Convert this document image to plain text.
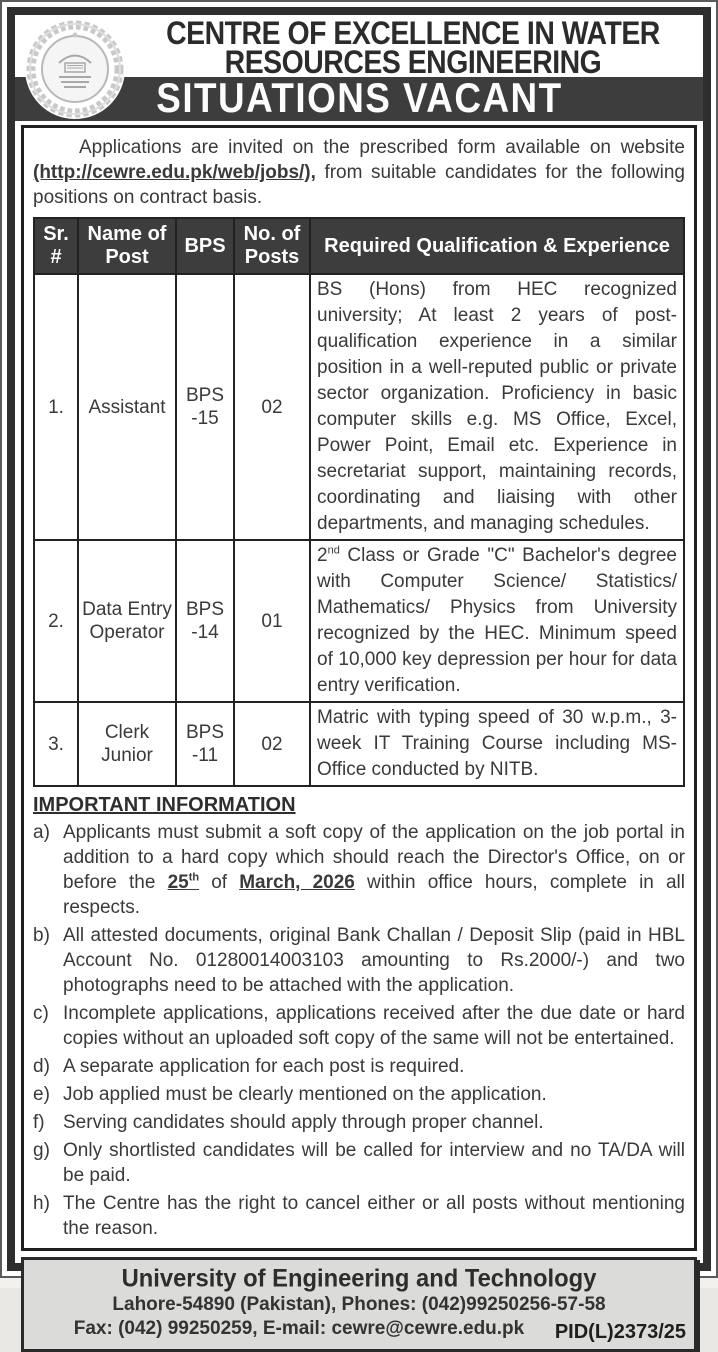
CENTRE OF EXCELLENCE IN WATER
RESOURCES ENGINEERING
SITUATIONS VACANT

Applications are invited on the prescribed form available on website (http://cewre.edu.pk/web/jobs/), from suitable candidates for the following positions on contract basis.

Sr. #	Name of Post	BPS	No. of Posts	Required Qualification & Experience
1.	Assistant	BPS -15	02	BS (Hons) from HEC recognized university; At least 2 years of post-qualification experience in a similar position in a well-reputed public or private sector organization. Proficiency in basic computer skills e.g. MS Office, Excel, Power Point, Email etc. Experience in secretariat support, maintaining records, coordinating and liaising with other departments, and managing schedules.
2.	Data Entry Operator	BPS -14	01	2nd Class or Grade "C" Bachelor's degree with Computer Science/ Statistics/ Mathematics/ Physics from University recognized by the HEC. Minimum speed of 10,000 key depression per hour for data entry verification.
3.	Clerk Junior	BPS -11	02	Matric with typing speed of 30 w.p.m., 3-week IT Training Course including MS-Office conducted by NITB.
IMPORTANT INFORMATION
a) Applicants must submit a soft copy of the application on the job portal in addition to a hard copy which should reach the Director's Office, on or before the 25th of March, 2026 within office hours, complete in all respects.
b) All attested documents, original Bank Challan / Deposit Slip (paid in HBL Account No. 01280014003103 amounting to Rs.2000/-) and two photographs need to be attached with the application.
c) Incomplete applications, applications received after the due date or hard copies without an uploaded soft copy of the same will not be entertained.
d) A separate application for each post is required.
e) Job applied must be clearly mentioned on the application.
f) Serving candidates should apply through proper channel.
g) Only shortlisted candidates will be called for interview and no TA/DA will be paid.
h) The Centre has the right to cancel either or all posts without mentioning the reason.
University of Engineering and Technology
Lahore-54890 (Pakistan), Phones: (042)99250256-57-58
Fax: (042) 99250259, E-mail: cewre@cewre.edu.pk	PID(L)2373/25
